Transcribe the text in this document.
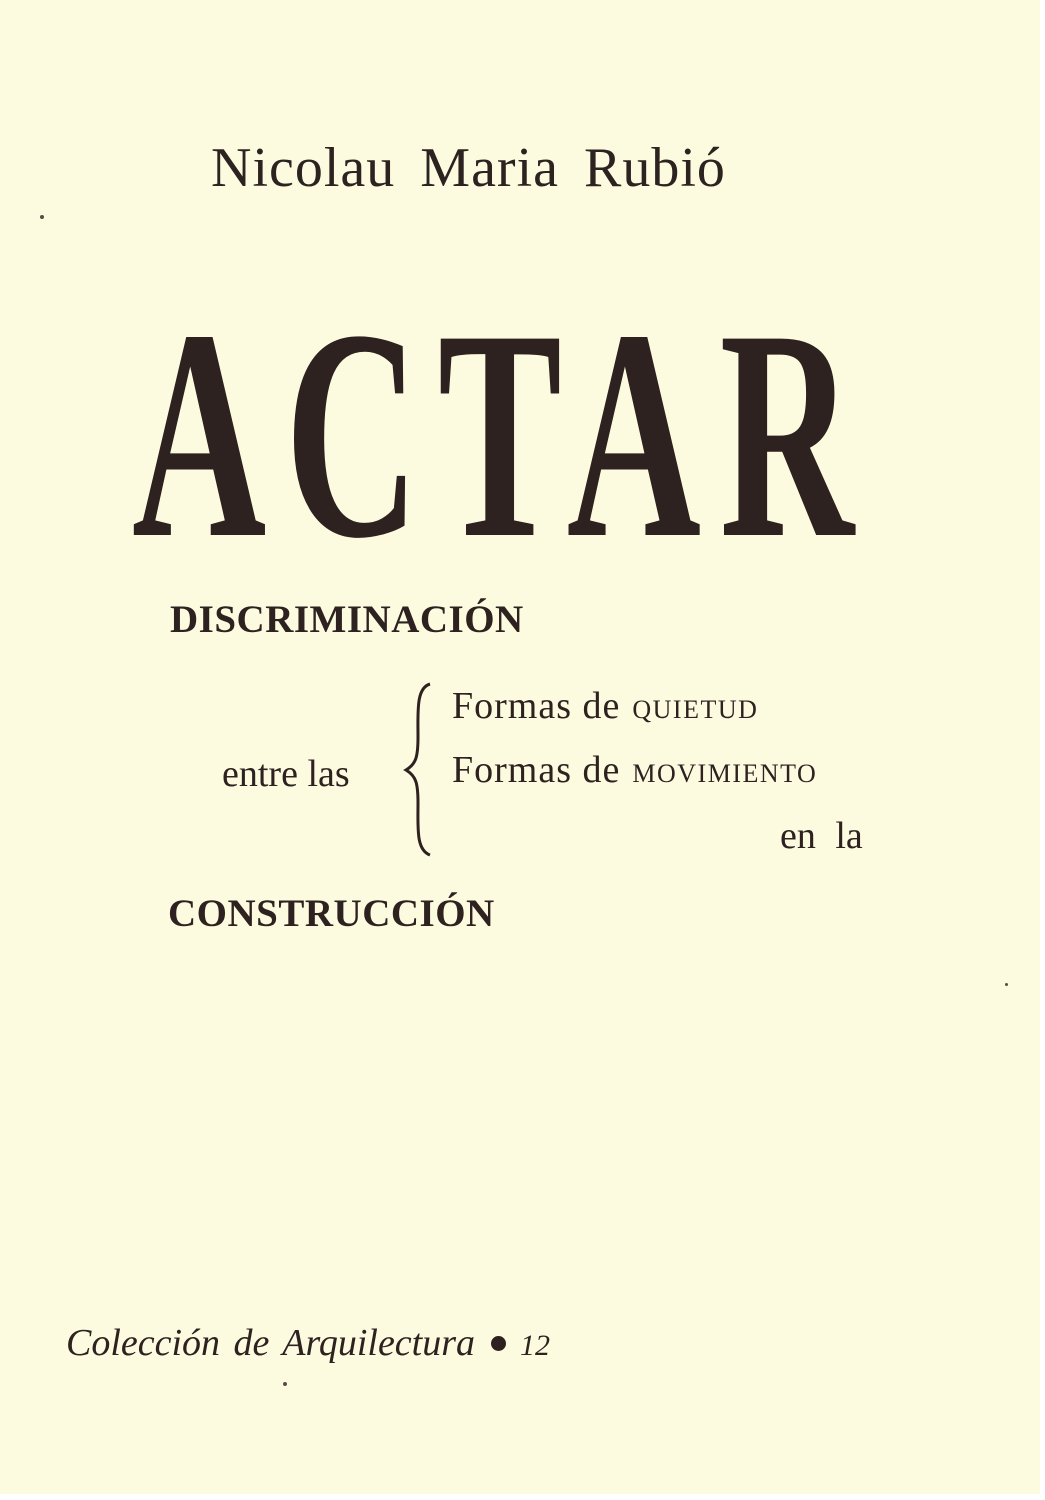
Nicolau Maria Rubió
ACTAR
DISCRIMINACIÓN
entre las
Formas de QUIETUD
Formas de MOVIMIENTO
en la
CONSTRUCCIÓN
Colección de Arquilectura 12
